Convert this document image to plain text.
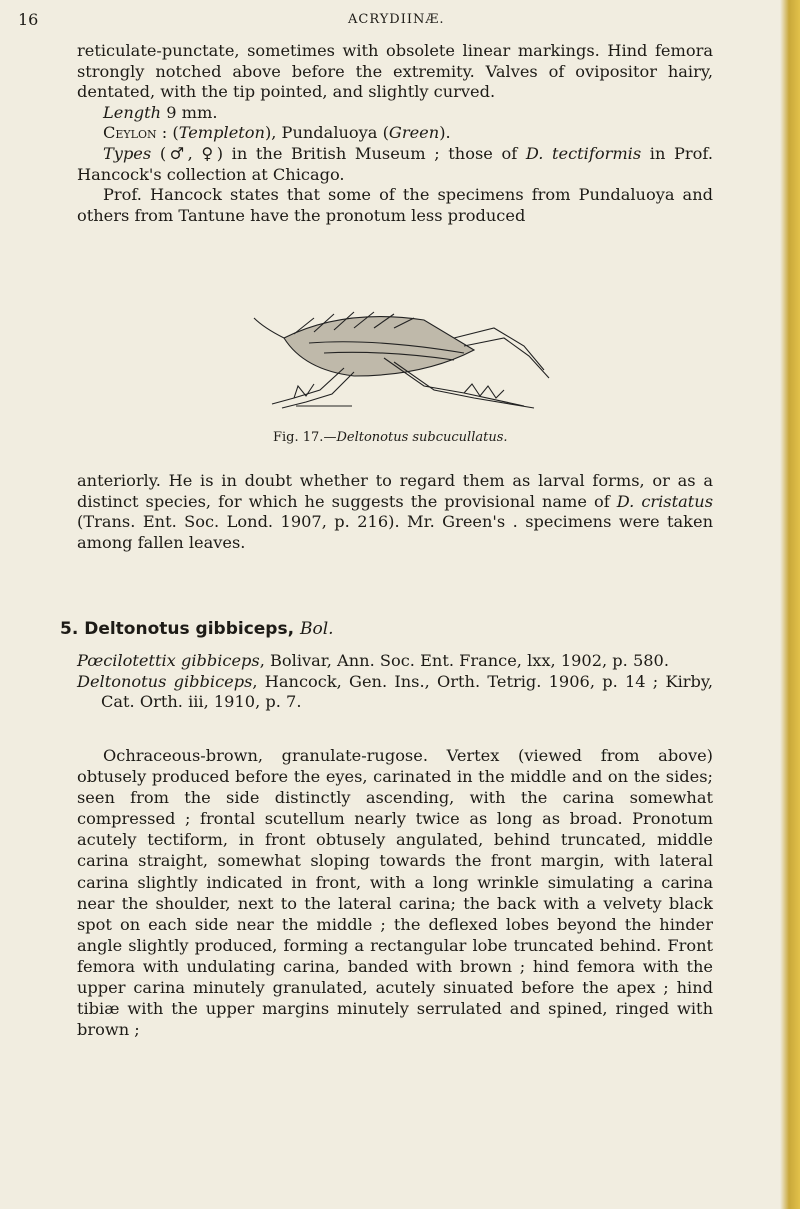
16	ACRYDIINÆ.

reticulate-punctate, sometimes with obsolete linear markings. Hind femora strongly notched above before the extremity. Valves of ovipositor hairy, dentated, with the tip pointed, and slightly curved.

Length 9 mm.

Ceylon : (Templeton), Pundaluoya (Green).

Types (♂, ♀) in the British Museum ; those of D. tectiformis in Prof. Hancock's collection at Chicago.

Prof. Hancock states that some of the specimens from Pundaluoya and others from Tantune have the pronotum less produced

Fig. 17.—Deltonotus subcucullatus.

anteriorly. He is in doubt whether to regard them as larval forms, or as a distinct species, for which he suggests the provisional name of D. cristatus (Trans. Ent. Soc. Lond. 1907, p. 216). Mr. Green's . specimens were taken among fallen leaves.

5. Deltonotus gibbiceps, Bol.

Pœcilotettix gibbiceps, Bolivar, Ann. Soc. Ent. France, lxx, 1902, p. 580.

Deltonotus gibbiceps, Hancock, Gen. Ins., Orth. Tetrig. 1906, p. 14 ; Kirby, Cat. Orth. iii, 1910, p. 7.

Ochraceous-brown, granulate-rugose. Vertex (viewed from above) obtusely produced before the eyes, carinated in the middle and on the sides; seen from the side distinctly ascending, with the carina somewhat compressed ; frontal scutellum nearly twice as long as broad. Pronotum acutely tectiform, in front obtusely angulated, behind truncated, middle carina straight, somewhat sloping towards the front margin, with lateral carina slightly indicated in front, with a long wrinkle simulating a carina near the shoulder, next to the lateral carina; the back with a velvety black spot on each side near the middle ; the deflexed lobes beyond the hinder angle slightly produced, forming a rectangular lobe truncated behind. Front femora with undulating carina, banded with brown ; hind femora with the upper carina minutely granulated, acutely sinuated before the apex ; hind tibiæ with the upper margins minutely serrulated and spined, ringed with brown ;
